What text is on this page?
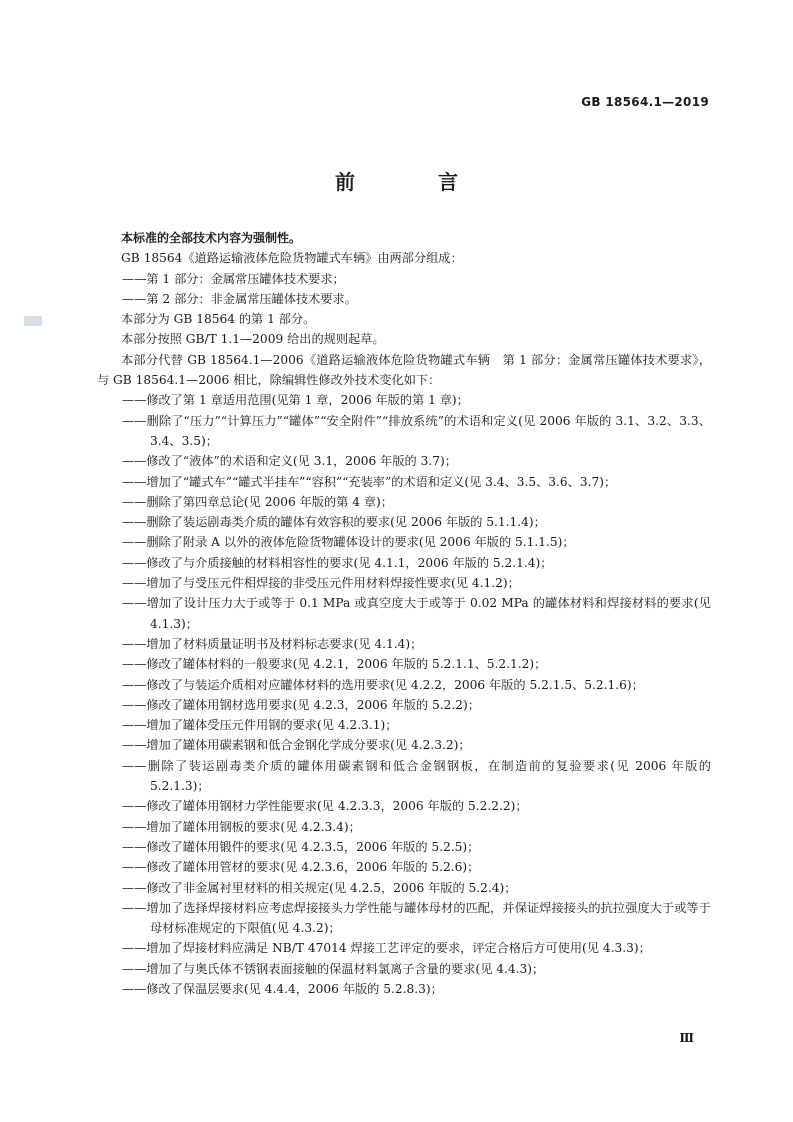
GB 18564.1—2019
前 言

本标准的全部技术内容为强制性。

GB 18564《道路运输液体危险货物罐式车辆》由两部分组成：

——第 1 部分：金属常压罐体技术要求；

——第 2 部分：非金属常压罐体技术要求。

本部分为 GB 18564 的第 1 部分。

本部分按照 GB/T 1.1—2009 给出的规则起草。

本部分代替 GB 18564.1—2006《道路运输液体危险货物罐式车辆　第 1 部分：金属常压罐体技术要求》，与 GB 18564.1—2006 相比，除编辑性修改外技术变化如下：

——修改了第 1 章适用范围(见第 1 章，2006 年版的第 1 章)；

——删除了“压力”“计算压力”“罐体”“安全附件”“排放系统”的术语和定义(见 2006 年版的 3.1、3.2、3.3、3.4、3.5)；

——修改了“液体”的术语和定义(见 3.1，2006 年版的 3.7)；

——增加了“罐式车”“罐式半挂车”“容积”“充装率”的术语和定义(见 3.4、3.5、3.6、3.7)；

——删除了第四章总论(见 2006 年版的第 4 章)；

——删除了装运剧毒类介质的罐体有效容积的要求(见 2006 年版的 5.1.1.4)；

——删除了附录 A 以外的液体危险货物罐体设计的要求(见 2006 年版的 5.1.1.5)；

——修改了与介质接触的材料相容性的要求(见 4.1.1，2006 年版的 5.2.1.4)；

——增加了与受压元件相焊接的非受压元件用材料焊接性要求(见 4.1.2)；

——增加了设计压力大于或等于 0.1 MPa 或真空度大于或等于 0.02 MPa 的罐体材料和焊接材料的要求(见 4.1.3)；

——增加了材料质量证明书及材料标志要求(见 4.1.4)；

——修改了罐体材料的一般要求(见 4.2.1，2006 年版的 5.2.1.1、5.2.1.2)；

——修改了与装运介质相对应罐体材料的选用要求(见 4.2.2，2006 年版的 5.2.1.5、5.2.1.6)；

——修改了罐体用钢材选用要求(见 4.2.3，2006 年版的 5.2.2)；

——增加了罐体受压元件用钢的要求(见 4.2.3.1)；

——增加了罐体用碳素钢和低合金钢化学成分要求(见 4.2.3.2)；

——删除了装运剧毒类介质的罐体用碳素钢和低合金钢钢板，在制造前的复验要求(见 2006 年版的 5.2.1.3)；

——修改了罐体用钢材力学性能要求(见 4.2.3.3，2006 年版的 5.2.2.2)；

——增加了罐体用钢板的要求(见 4.2.3.4)；

——修改了罐体用锻件的要求(见 4.2.3.5，2006 年版的 5.2.5)；

——修改了罐体用管材的要求(见 4.2.3.6，2006 年版的 5.2.6)；

——修改了非金属衬里材料的相关规定(见 4.2.5，2006 年版的 5.2.4)；

——增加了选择焊接材料应考虑焊接接头力学性能与罐体母材的匹配，并保证焊接接头的抗拉强度大于或等于母材标准规定的下限值(见 4.3.2)；

——增加了焊接材料应满足 NB/T 47014 焊接工艺评定的要求，评定合格后方可使用(见 4.3.3)；

——增加了与奥氏体不锈钢表面接触的保温材料氯离子含量的要求(见 4.4.3)；

——修改了保温层要求(见 4.4.4，2006 年版的 5.2.8.3)；

Ⅲ
